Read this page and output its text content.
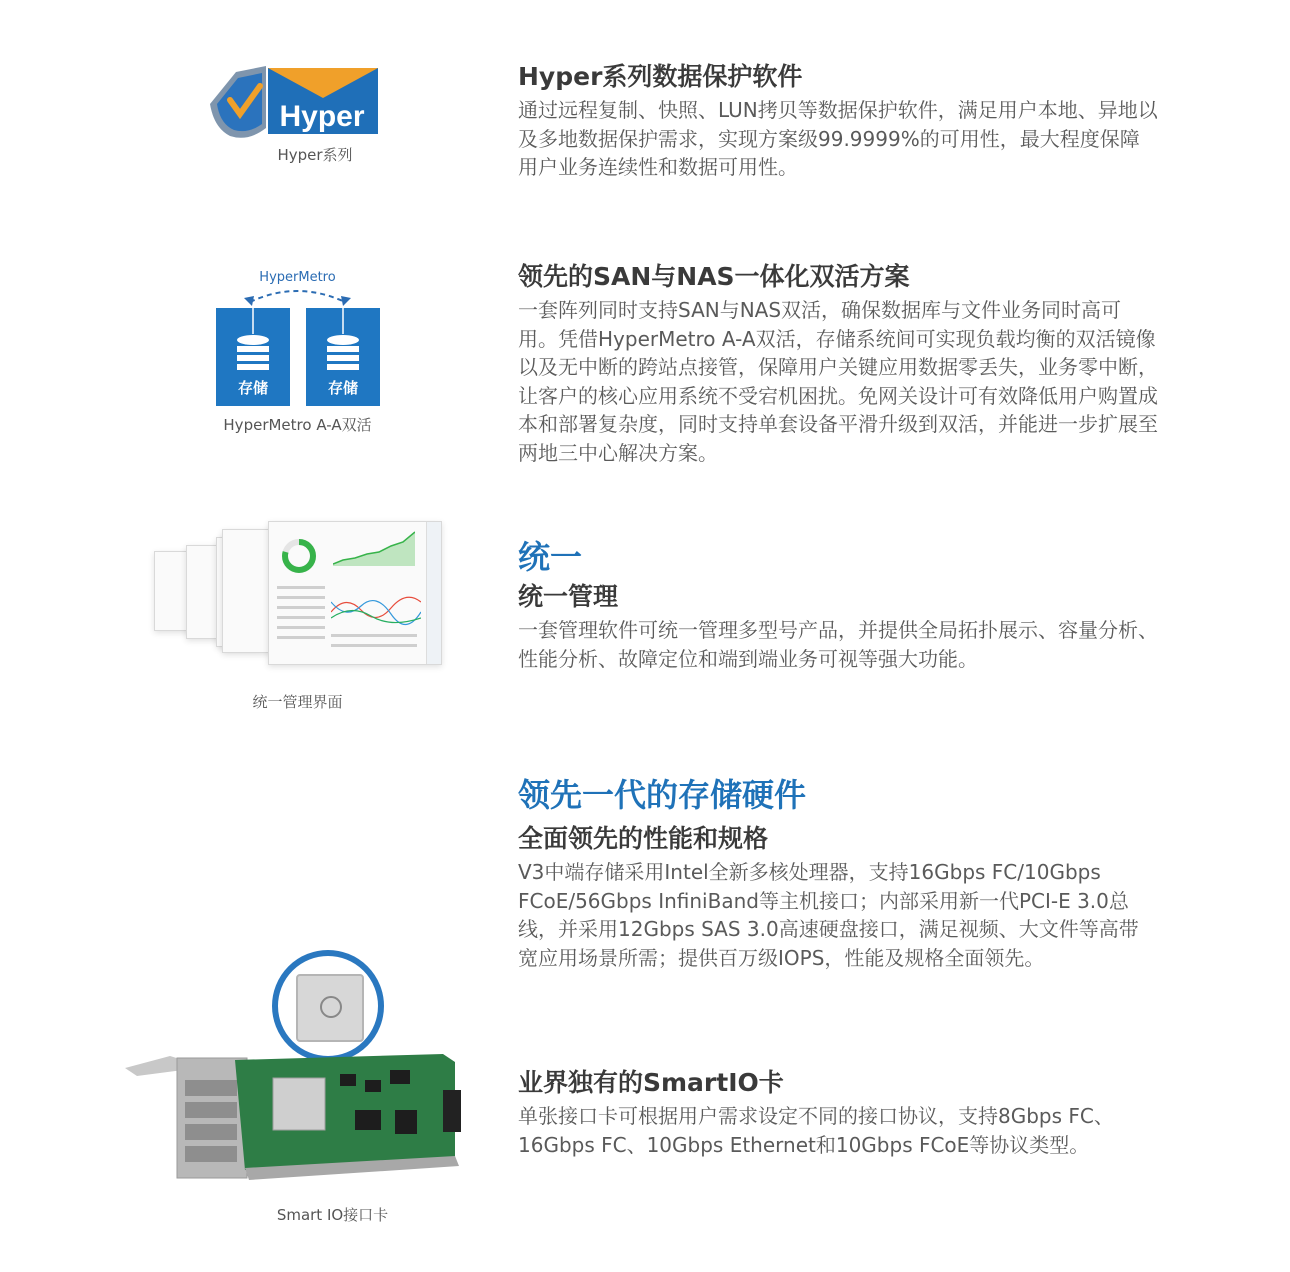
Hyper
Hyper系列
Hyper系列数据保护软件

通过远程复制、快照、LUN拷贝等数据保护软件，满足用户本地、异地以及多地数据保护需求，实现方案级99.9999%的可用性，最大程度保障用户业务连续性和数据可用性。

HyperMetro
存储	存储
HyperMetro A-A双活
领先的SAN与NAS一体化双活方案

一套阵列同时支持SAN与NAS双活，确保数据库与文件业务同时高可用。凭借HyperMetro A-A双活，存储系统间可实现负载均衡的双活镜像以及无中断的跨站点接管，保障用户关键应用数据零丢失，业务零中断，让客户的核心应用系统不受宕机困扰。免网关设计可有效降低用户购置成本和部署复杂度，同时支持单套设备平滑升级到双活，并能进一步扩展至两地三中心解决方案。

统一管理界面
统一
统一管理

一套管理软件可统一管理多型号产品，并提供全局拓扑展示、容量分析、性能分析、故障定位和端到端业务可视等强大功能。

领先一代的存储硬件
全面领先的性能和规格

V3中端存储采用Intel全新多核处理器，支持16Gbps FC/10Gbps FCoE/56Gbps InfiniBand等主机接口；内部采用新一代PCI-E 3.0总线，并采用12Gbps SAS 3.0高速硬盘接口，满足视频、大文件等高带宽应用场景所需；提供百万级IOPS，性能及规格全面领先。

Smart IO接口卡
业界独有的SmartIO卡

单张接口卡可根据用户需求设定不同的接口协议，支持8Gbps FC、16Gbps FC、10Gbps Ethernet和10Gbps FCoE等协议类型。
